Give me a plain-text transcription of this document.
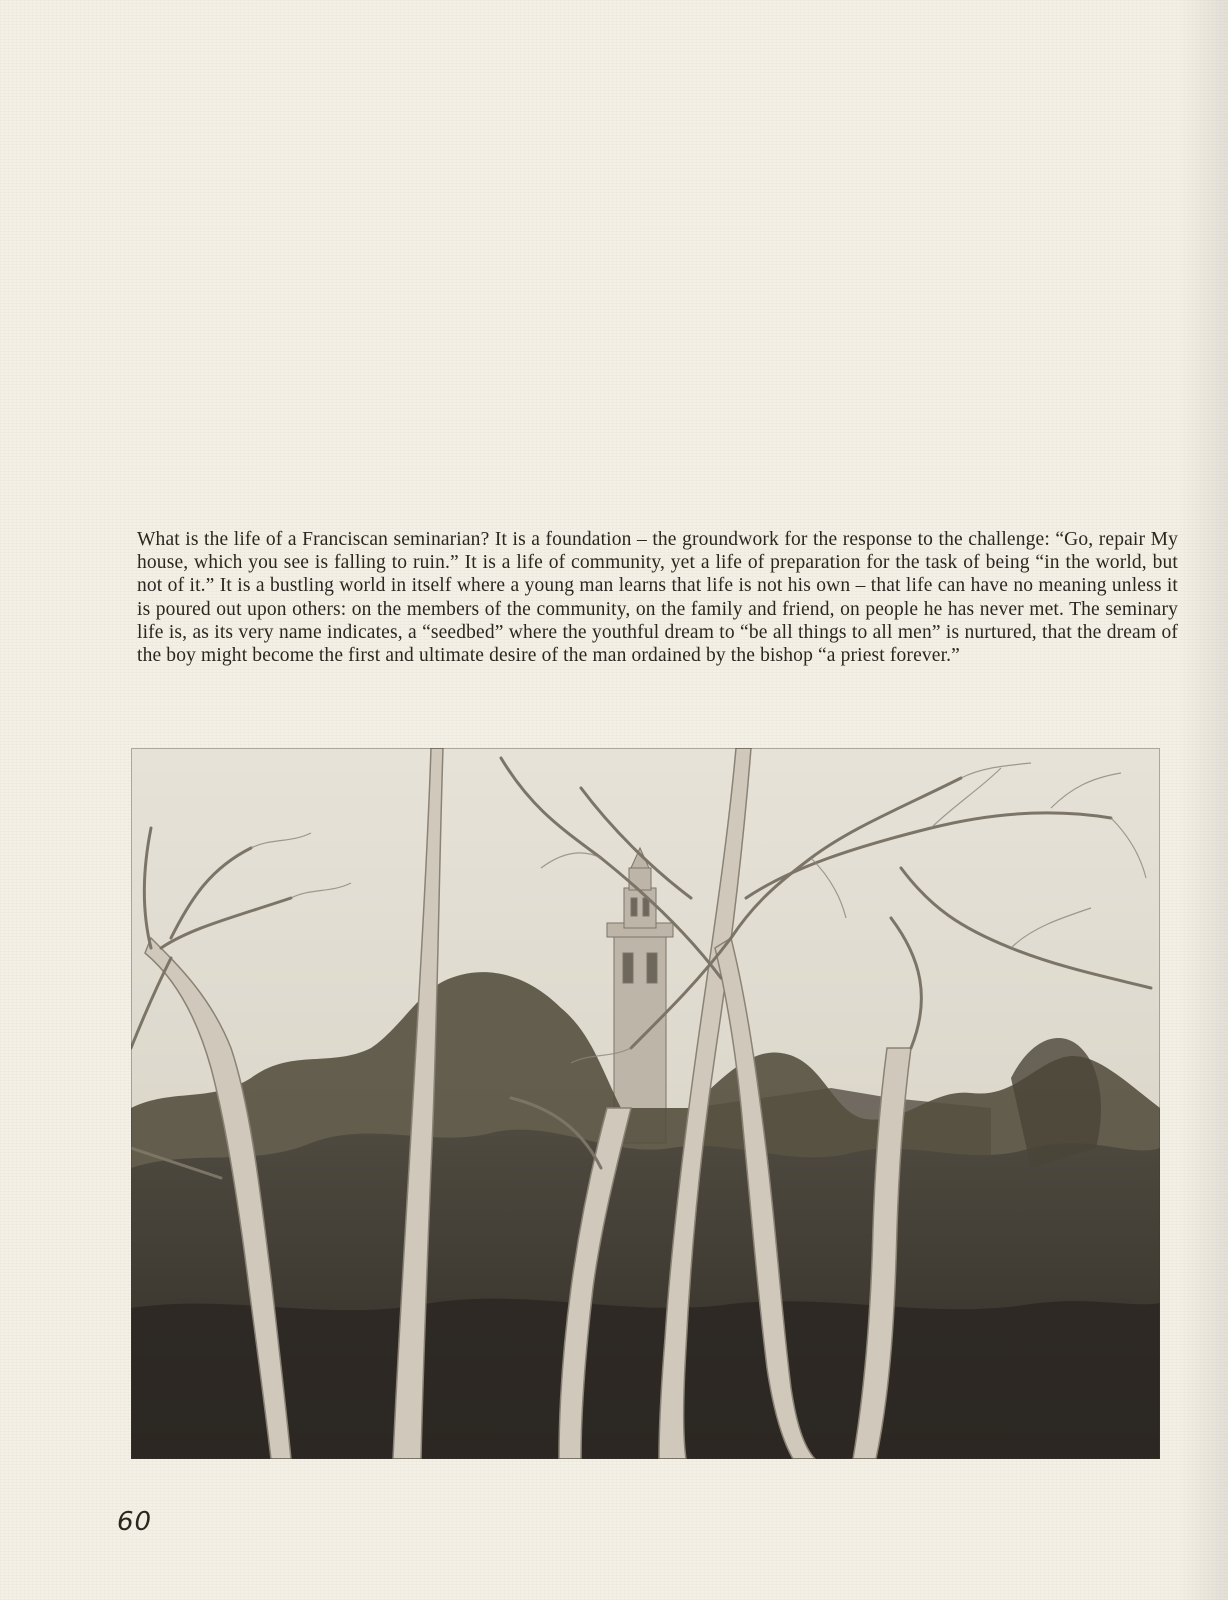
What is the life of a Franciscan seminarian? It is a foundation – the groundwork for the response to the challenge: “Go, repair My house, which you see is falling to ruin.” It is a life of community, yet a life of preparation for the task of being “in the world, but not of it.” It is a bustling world in itself where a young man learns that life is not his own – that life can have no meaning unless it is poured out upon others: on the members of the community, on the family and friend, on people he has never met. The seminary life is, as its very name indicates, a “seedbed” where the youthful dream to “be all things to all men” is nurtured, that the dream of the boy might become the first and ultimate desire of the man ordained by the bishop “a priest forever.”

60
